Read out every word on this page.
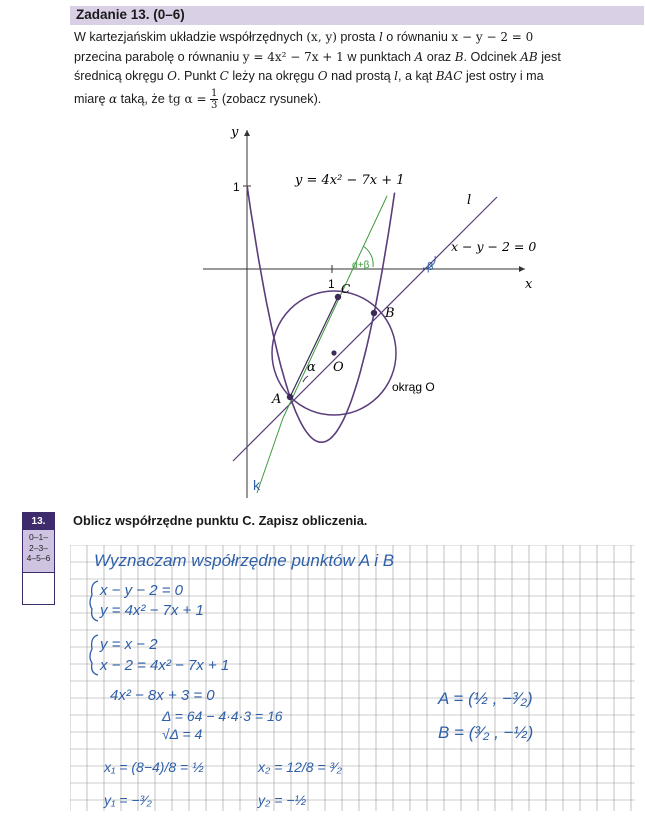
Zadanie 13. (0–6)
W kartezjańskim układzie współrzędnych (x, y) prosta l o równaniu x − y − 2 = 0
przecina parabolę o równaniu y = 4x² − 7x + 1 w punktach A oraz B. Odcinek AB jest
średnicą okręgu O. Punkt C leży na okręgu O nad prostą l, a kąt BAC jest ostry i ma
miarę α taką, że tg $\alpha = \frac{1}{3}$ (zobacz rysunek).
y
x
1
1
A
B
C
O
α
y = 4x² − 7x + 1
l
x − y − 2 = 0
okrąg O
k
β
α+β
13.
0–1–
2–3–
4–5–6
Oblicz współrzędne punktu C. Zapisz obliczenia.
Wyznaczam współrzędne punktów A i B
x − y − 2 = 0
y = 4x² − 7x + 1
y = x − 2
x − 2 = 4x² − 7x + 1
4x² − 8x + 3 = 0
Δ = 64 − 4·4·3 = 16
√Δ = 4
A = (½ , −³⁄₂)
B = (³⁄₂ , −½)
x₁ = (8−4)/8 = ½	x₂ = 12/8 = ³⁄₂
y₁ = −³⁄₂	y₂ = −½
